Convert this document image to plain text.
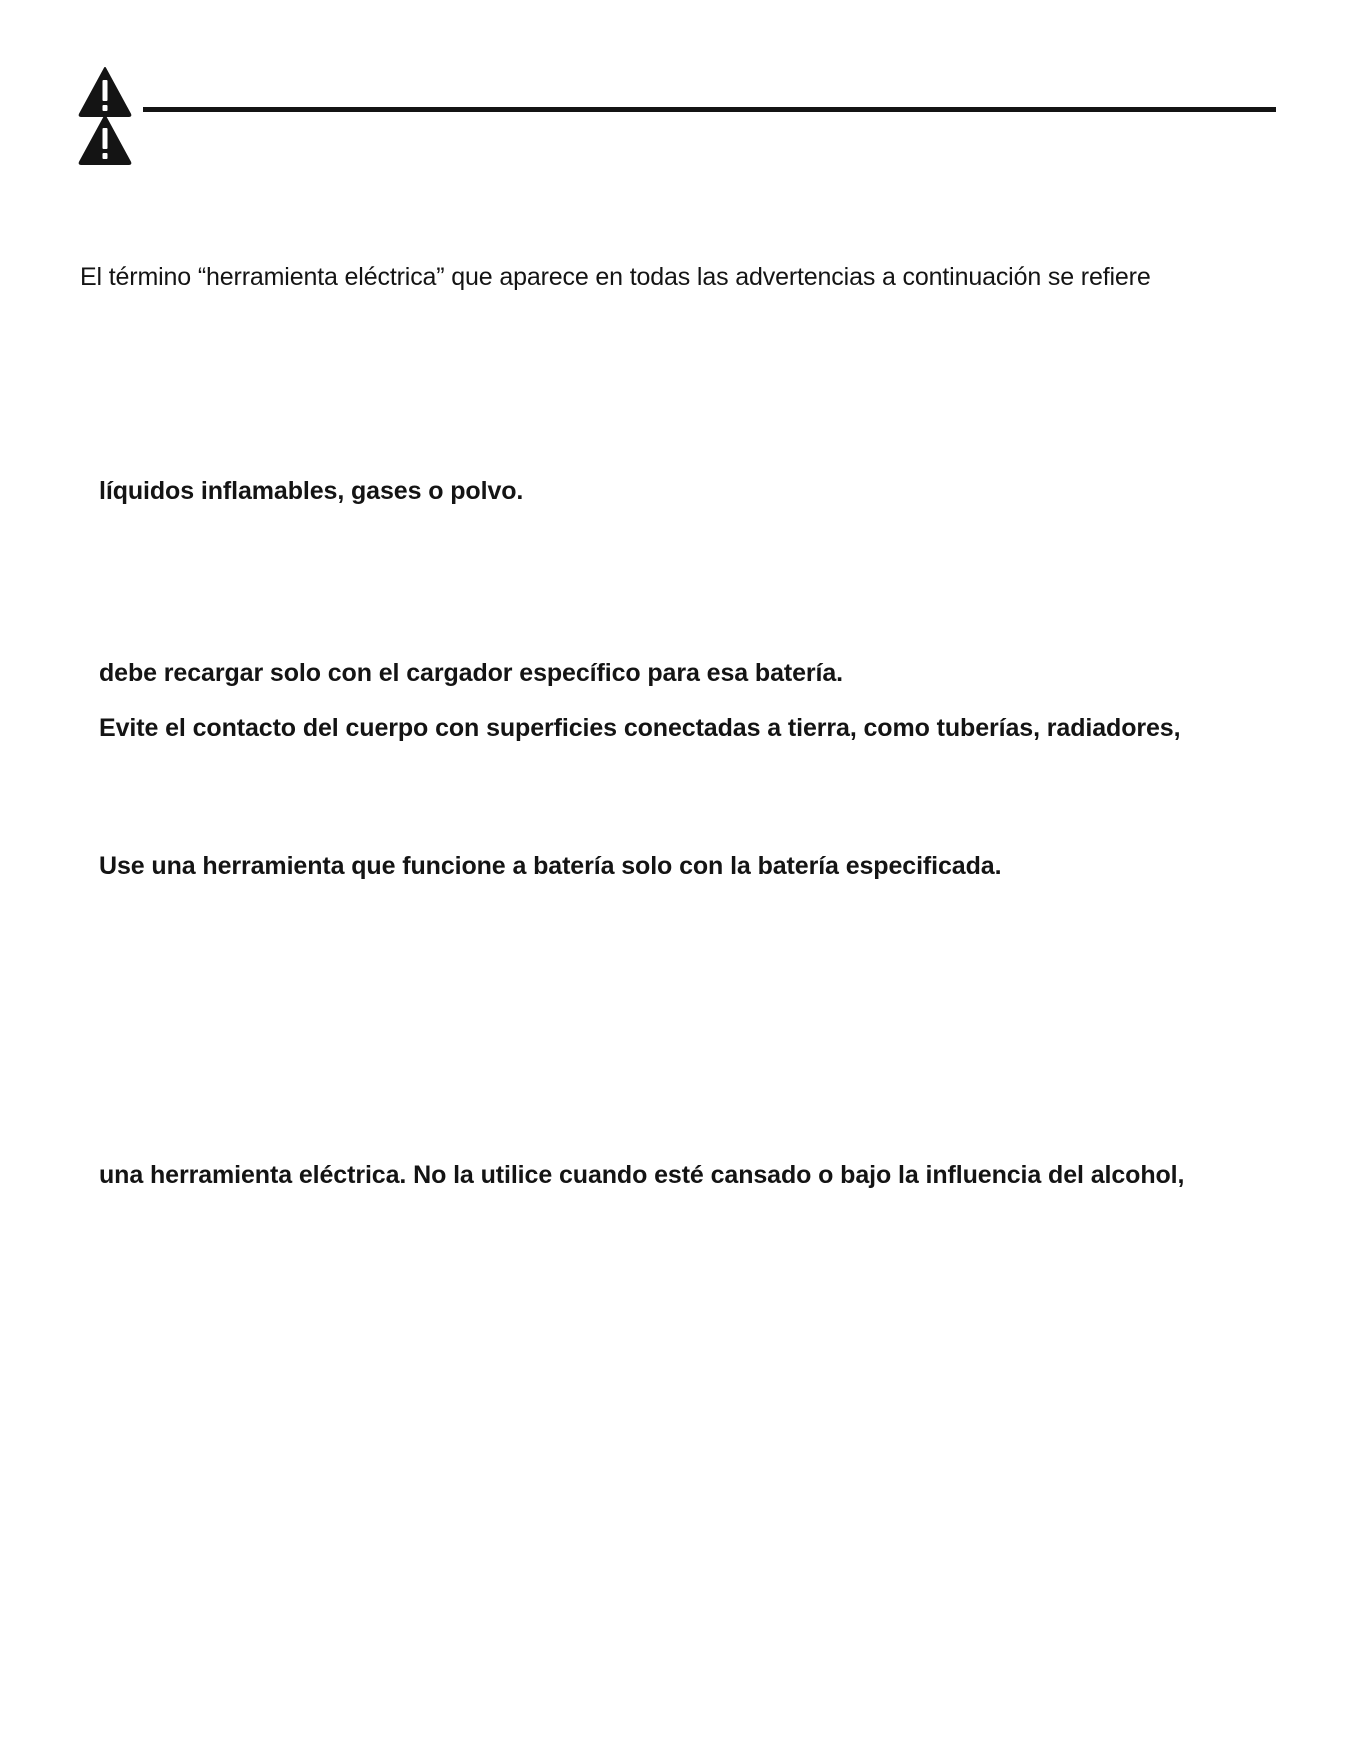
El término “herramienta eléctrica” que aparece en todas las advertencias a continuación se refiere
líquidos inflamables, gases o polvo.
debe recargar solo con el cargador específico para esa batería.
Evite el contacto del cuerpo con superficies conectadas a tierra, como tuberías, radiadores,
Use una herramienta que funcione a batería solo con la batería especificada.
una herramienta eléctrica. No la utilice cuando esté cansado o bajo la influencia del alcohol,
